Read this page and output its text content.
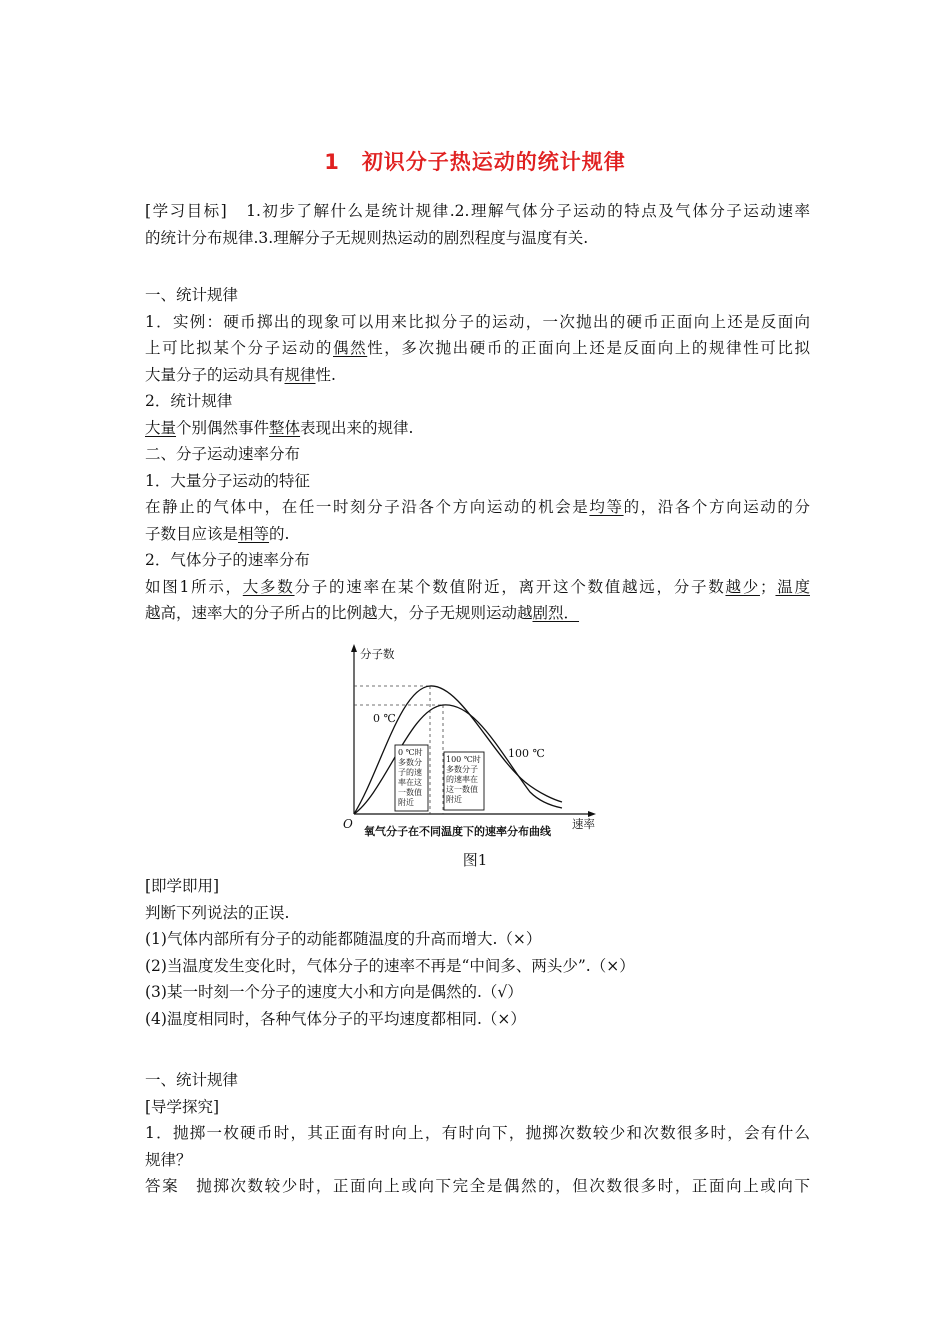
1 初识分子热运动的统计规律
[学习目标] 1.初步了解什么是统计规律.2.理解气体分子运动的特点及气体分子运动速率
的统计分布规律.3.理解分子无规则热运动的剧烈程度与温度有关.
一、统计规律
1．实例：硬币掷出的现象可以用来比拟分子的运动，一次抛出的硬币正面向上还是反面向
上可比拟某个分子运动的偶然性，多次抛出硬币的正面向上还是反面向上的规律性可比拟
大量分子的运动具有规律性.
2．统计规律
大量个别偶然事件整体表现出来的规律.
二、分子运动速率分布
1．大量分子运动的特征
在静止的气体中，在任一时刻分子沿各个方向运动的机会是均等的，沿各个方向运动的分
子数目应该是相等的.
2．气体分子的速率分布
如图1所示，大多数分子的速率在某个数值附近，离开这个数值越远，分子数越少；温度
越高，速率大的分子所占的比例越大，分子无规则运动越剧烈．
0 ℃时
多数分
子的速
率在这
一数值
附近
100 ℃时
多数分子
的速率在
这一数值
附近
分子数
速率
O
0 ℃
100 ℃
氧气分子在不同温度下的速率分布曲线
图1
[即学即用]
判断下列说法的正误.
(1)气体内部所有分子的动能都随温度的升高而增大.（×）
(2)当温度发生变化时，气体分子的速率不再是“中间多、两头少”.（×）
(3)某一时刻一个分子的速度大小和方向是偶然的.（√）
(4)温度相同时，各种气体分子的平均速度都相同.（×）
一、统计规律
[导学探究]
1．抛掷一枚硬币时，其正面有时向上，有时向下，抛掷次数较少和次数很多时，会有什么
规律？
答案　抛掷次数较少时，正面向上或向下完全是偶然的，但次数很多时，正面向上或向下
